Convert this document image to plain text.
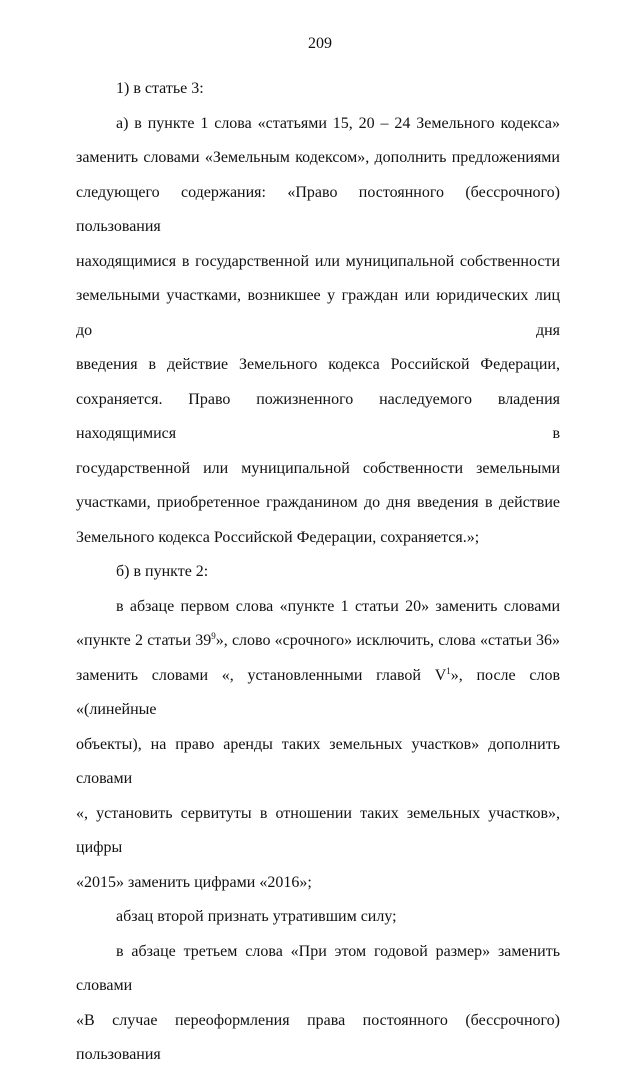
209

1) в статье 3:

а) в пункте 1 слова «статьями 15, 20 – 24 Земельного кодекса»

заменить словами «Земельным кодексом», дополнить предложениями

следующего содержания: «Право постоянного (бессрочного) пользования

находящимися в государственной или муниципальной собственности

земельными участками, возникшее у граждан или юридических лиц до дня

введения в действие Земельного кодекса Российской Федерации,

сохраняется. Право пожизненного наследуемого владения находящимися в

государственной или муниципальной собственности земельными

участками, приобретенное гражданином до дня введения в действие

Земельного кодекса Российской Федерации, сохраняется.»;

б) в пункте 2:

в абзаце первом слова «пункте 1 статьи 20» заменить словами

«пункте 2 статьи $39^9$», слово «срочного» исключить, слова «статьи 36»

заменить словами «, установленными главой $V^1$», после слов «(линейные

объекты), на право аренды таких земельных участков» дополнить словами

«, установить сервитуты в отношении таких земельных участков», цифры

«2015» заменить цифрами «2016»;

абзац второй признать утратившим силу;

в абзаце третьем слова «При этом годовой размер» заменить словами

«В случае переоформления права постоянного (бессрочного) пользования
